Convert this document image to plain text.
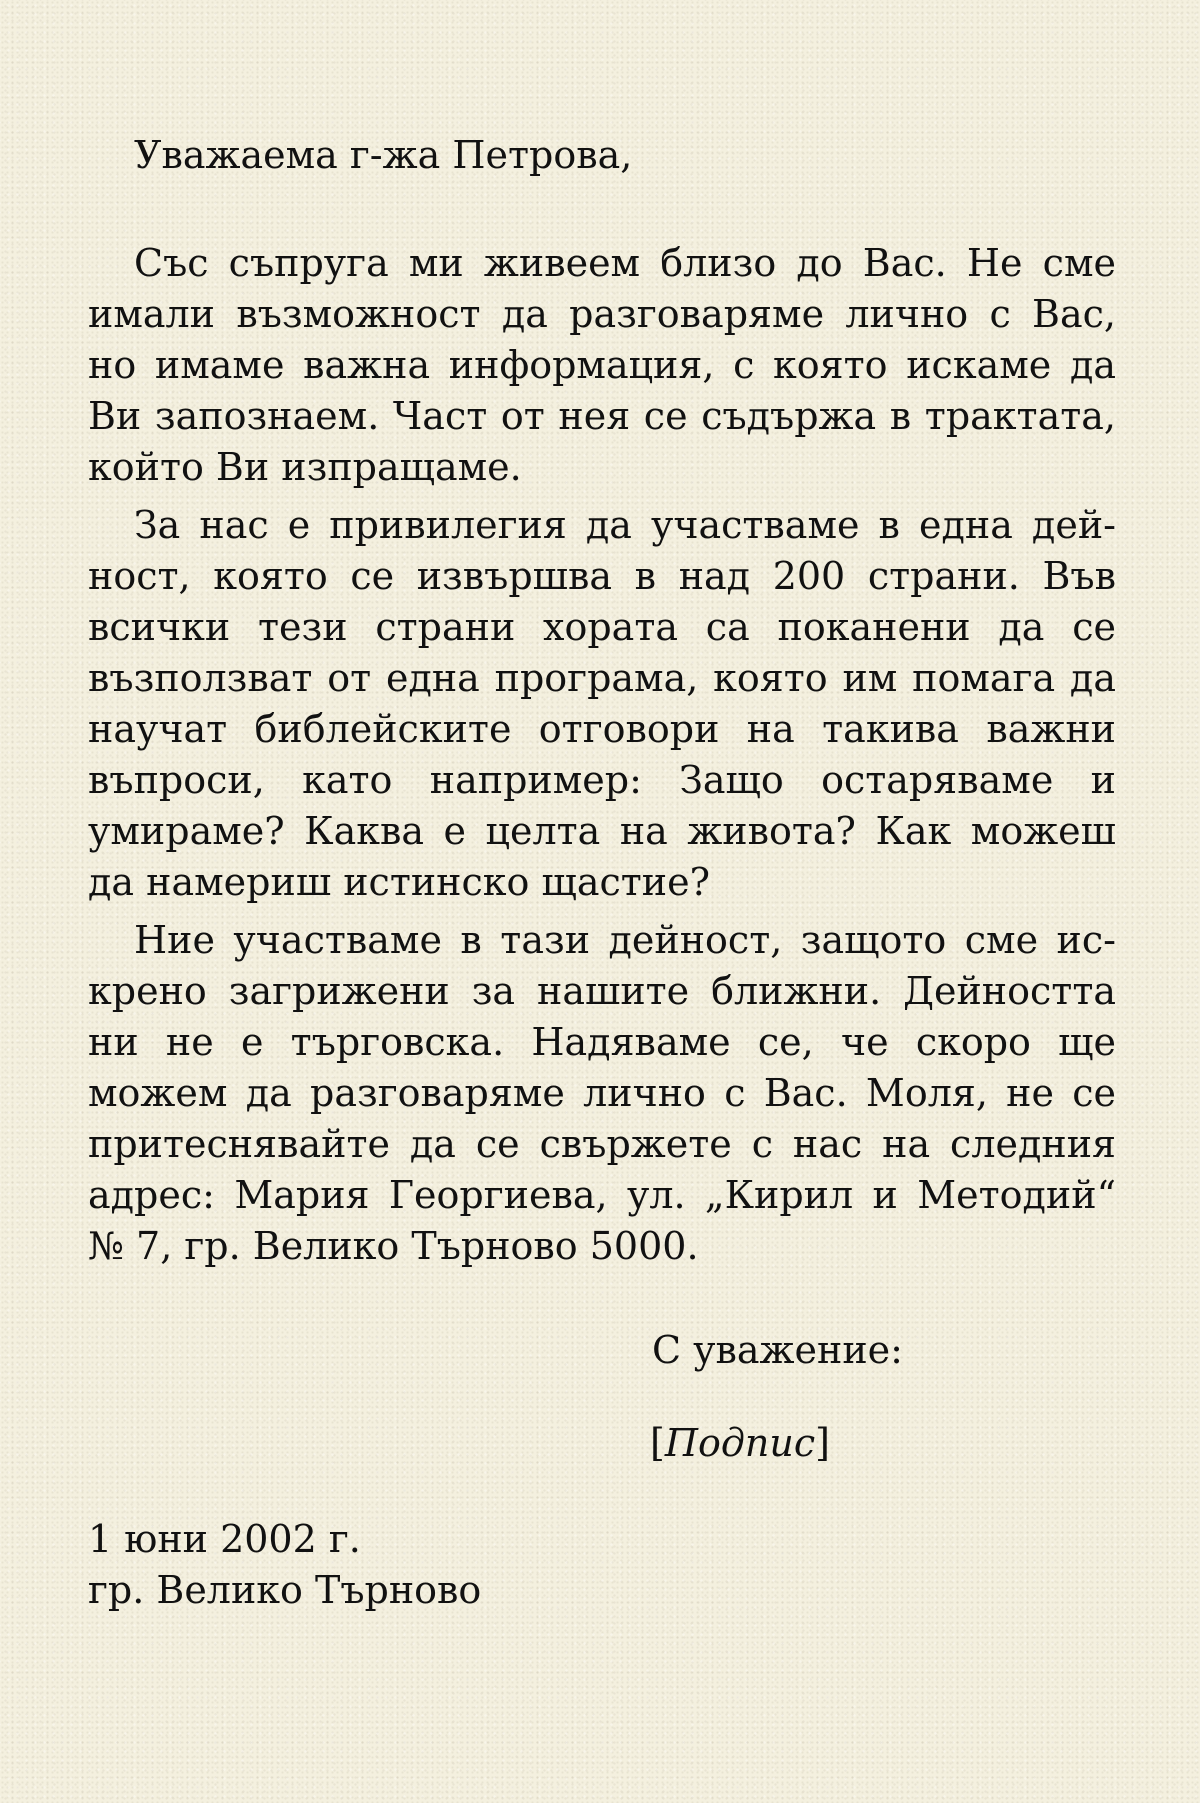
Уважаема г-жа Петрова,

Със съпруга ми живеем близо до Вас. Не сме имали възможност да разговаряме лично с Вас, но имаме важна информация, с която искаме да Ви запознаем. Част от нея се съдържа в трактата, който Ви изпращаме.

За нас е привилегия да участваме в една дейност, която се извършва в над 200 страни. Във всички тези страни хората са поканени да се възползват от една програма, която им помага да научат библейските отговори на такива важни въпроси, като например: Защо остаряваме и умираме? Каква е целта на живота? Как можеш да намериш истинско щастие?

Ние участваме в тази дейност, защото сме искрено загрижени за нашите ближни. Дейността ни не е търговска. Надяваме се, че скоро ще можем да разговаряме лично с Вас. Моля, не се притеснявайте да се свържете с нас на следния адрес: Мария Георгиева, ул. „Кирил и Методий“ № 7, гр. Велико Търново 5000.

С уважение:
[Подпис]
1 юни 2002 г.
гр. Велико Търново
